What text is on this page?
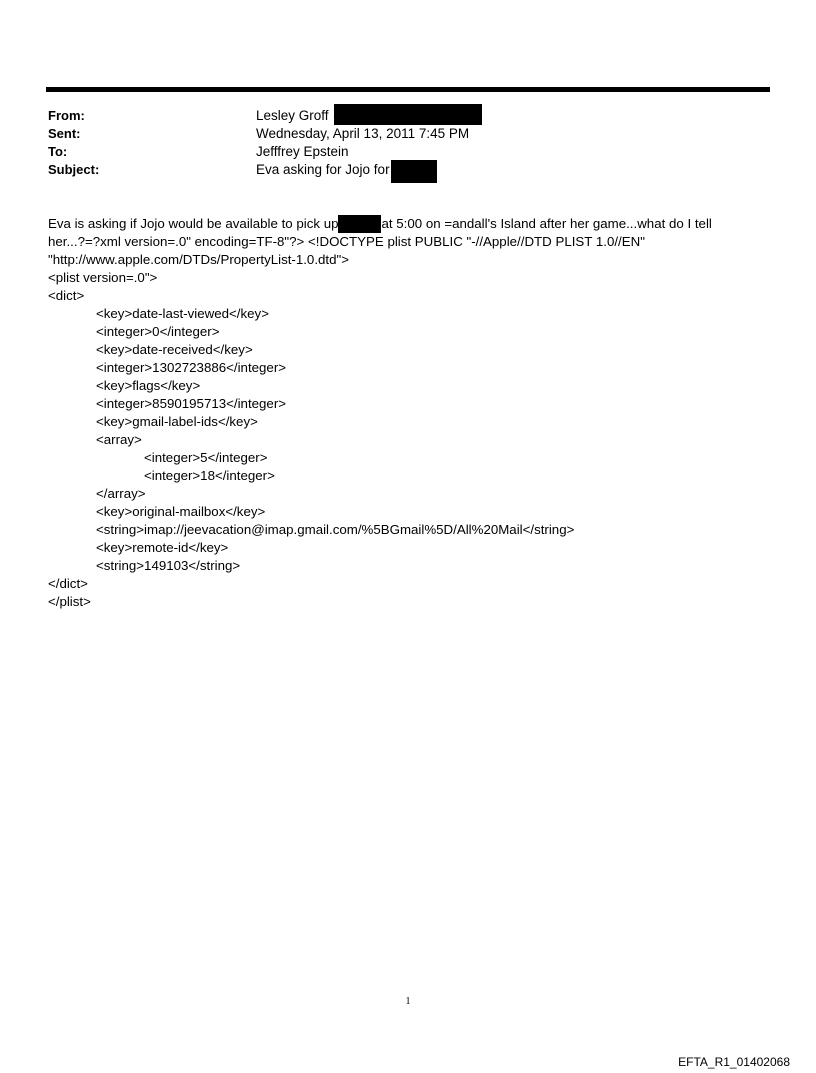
From:	Lesley Groff
Sent:	Wednesday, April 13, 2011 7:45 PM
To:	Jefffrey Epstein
Subject:	Eva asking for Jojo for
Eva is asking if Jojo would be available to pick up	at 5:00 on =andall's Island after her game...what do I tell
her...?=?xml version=.0" encoding=TF-8"?> <!DOCTYPE plist PUBLIC "-//Apple//DTD PLIST 1.0//EN"
"http://www.apple.com/DTDs/PropertyList-1.0.dtd">
<plist version=.0">
<dict>
<key>date-last-viewed</key>
<integer>0</integer>
<key>date-received</key>
<integer>1302723886</integer>
<key>flags</key>
<integer>8590195713</integer>
<key>gmail-label-ids</key>
<array>
<integer>5</integer>
<integer>18</integer>
</array>
<key>original-mailbox</key>
<string>imap://jeevacation@imap.gmail.com/%5BGmail%5D/All%20Mail</string>
<key>remote-id</key>
<string>149103</string>
</dict>
</plist>
1
EFTA_R1_01402068
